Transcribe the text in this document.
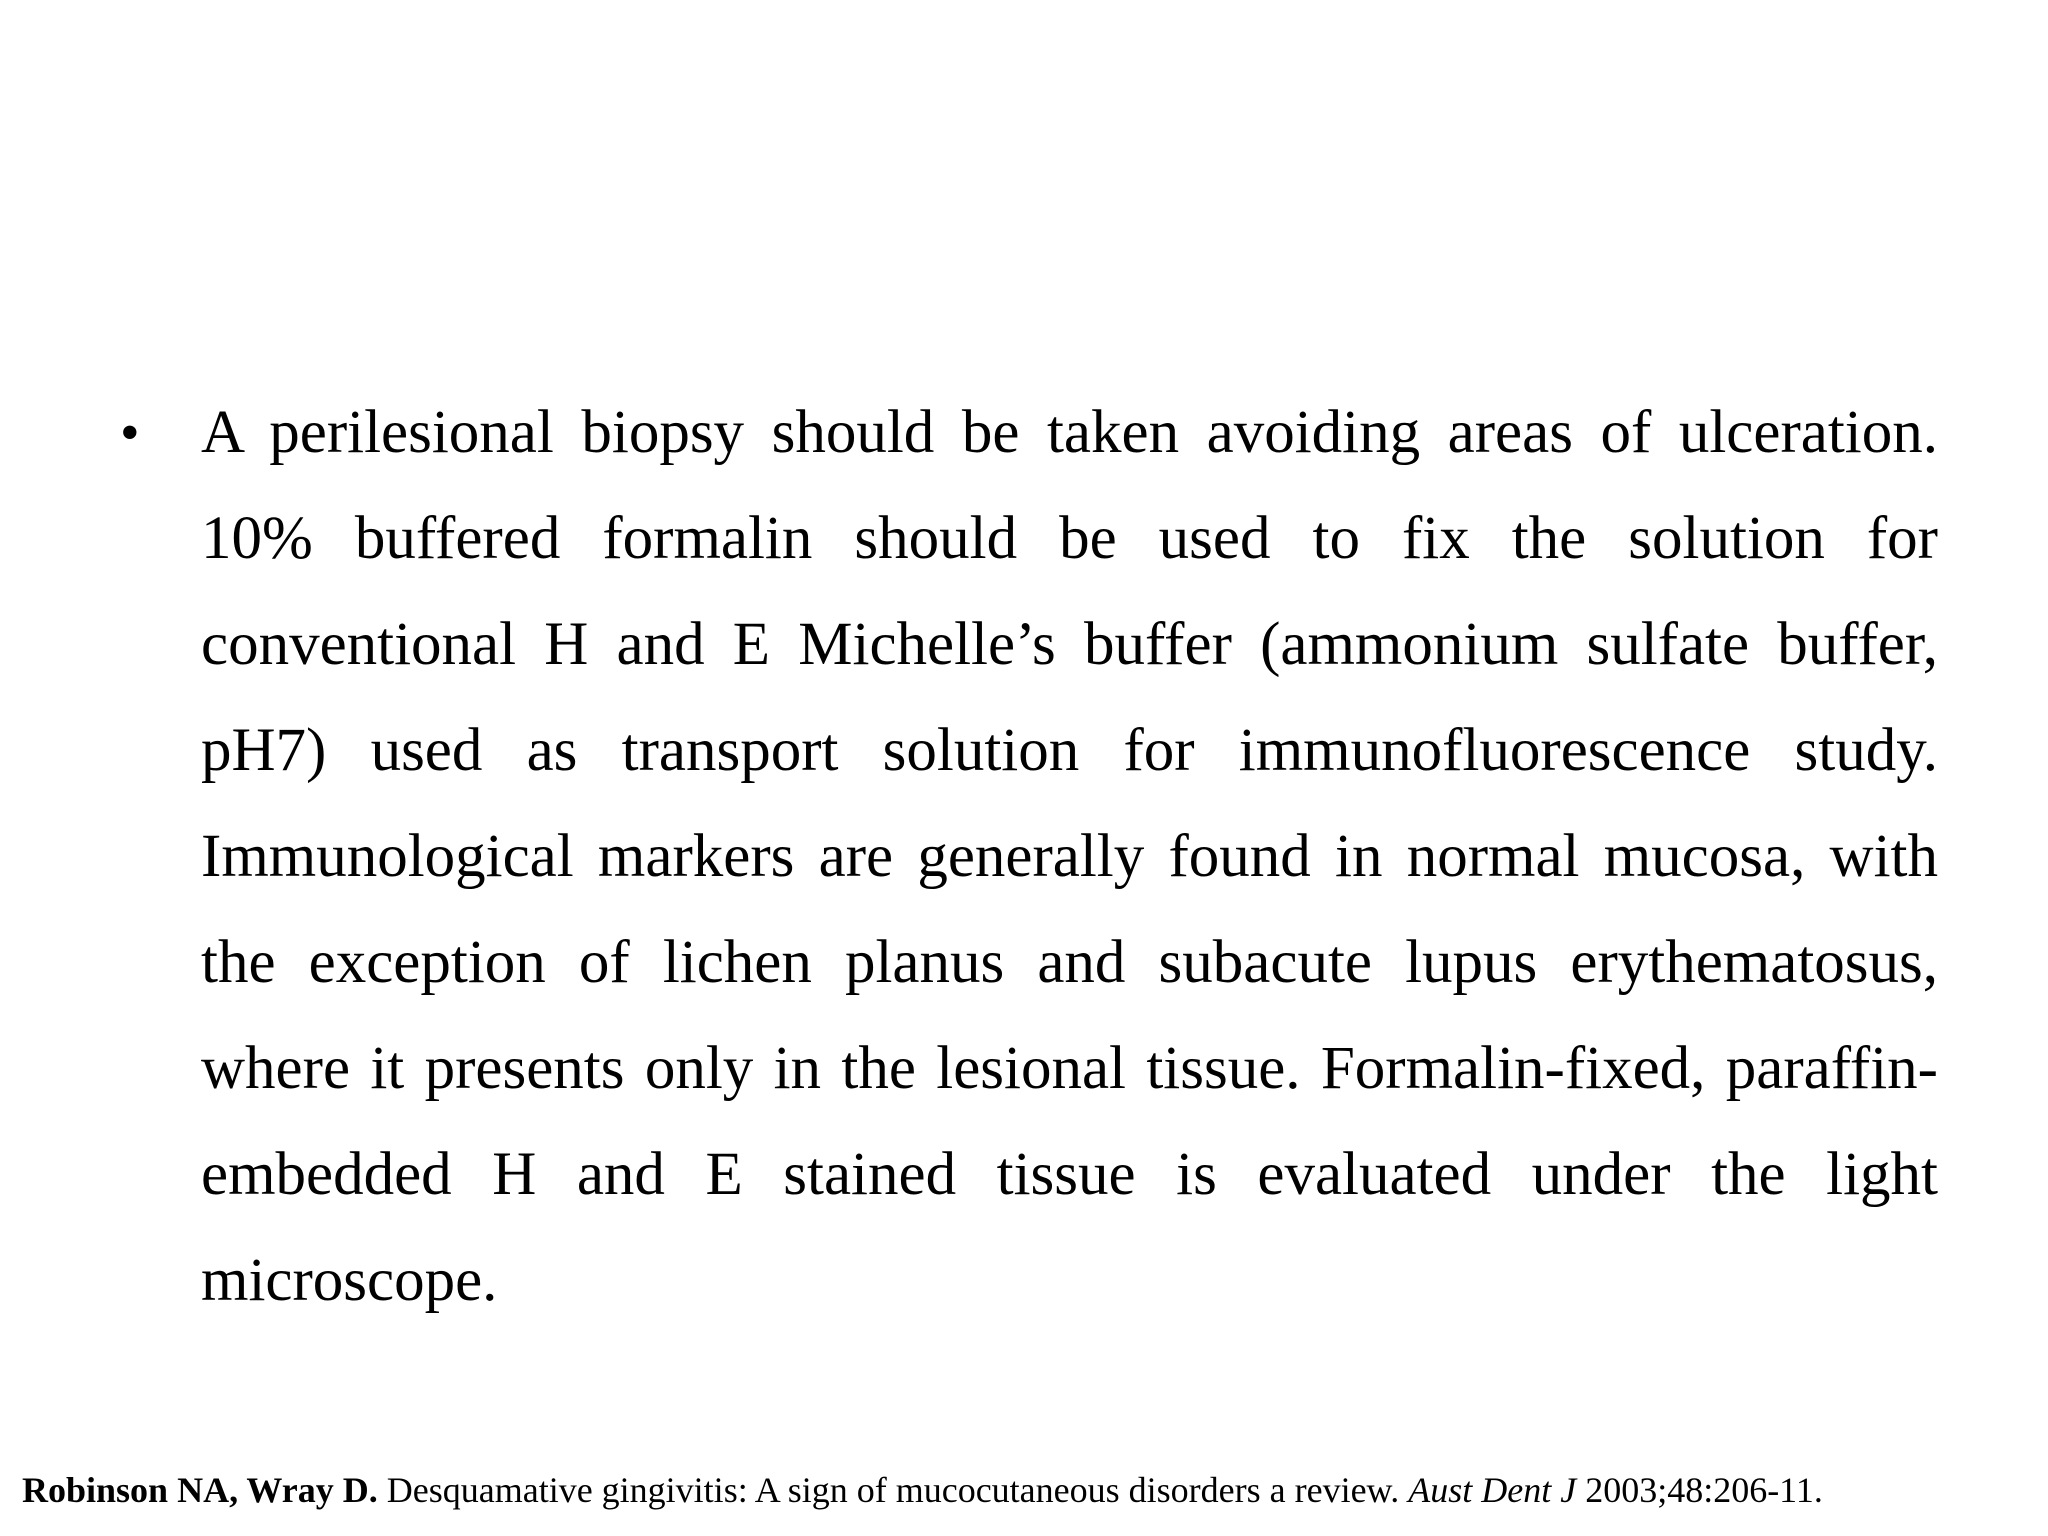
•	A perilesional biopsy should be taken avoiding areas of ulceration. 10% buffered formalin should be used to fix the solution for conventional H and E Michelle’s buffer (ammonium sulfate buffer, pH7) used as transport solution for immunofluorescence study. Immunological markers are generally found in normal mucosa, with the exception of lichen planus and subacute lupus erythematosus, where it presents only in the lesional tissue. Formalin-fixed, paraffin-embedded H and E stained tissue is evaluated under the light microscope.
Robinson NA, Wray D. Desquamative gingivitis: A sign of mucocutaneous disorders a review. Aust Dent J 2003;48:206-11.
